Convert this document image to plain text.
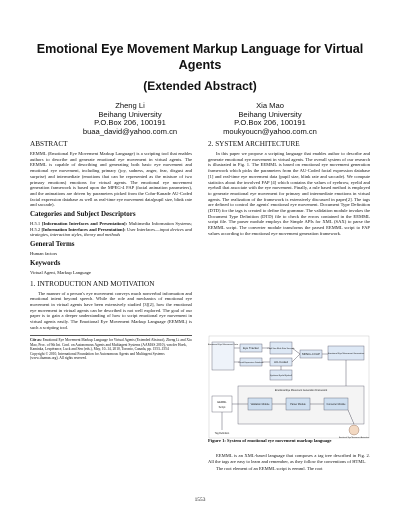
Emotional Eye Movement Markup Language for Virtual Agents
(Extended Abstract)
Zheng Li
Beihang University
P.O.Box 206, 100191
buaa_david@yahoo.com.cn
Xia Mao
Beihang University
P.O.Box 206, 100191
moukyoucn@yahoo.com.cn
ABSTRACT

EEMML (Emotional Eye Movement Markup Language) is a scripting tool that enables authors to describe and generate emotional eye movement in virtual agents. The EEMML is capable of describing and generating both basic eye movement and emotional eye movement, including primary (joy, sadness, anger, fear, disgust and surprise) and intermediate (emotions that can be represented as the mixture of two primary emotions) emotions for virtual agents. The emotional eye movement generation framework is based upon the MPEG-4 FAP (facial animation parameters), and the animations are driven by parameters picked from the Cohn-Kanade AU-Coded facial expression database as well as real-time eye movement data(pupil size, blink rate and saccade).

Categories and Subject Descriptors

H.5.1 [Information Interfaces and Presentation]: Multimedia Information Systems; H.5.2 [Information Interfaces and Presentation]: User Interfaces—input devices and strategies, interaction styles, theory and methods

General Terms

Human factors

Keywords

Virtual Agent, Markup Language

1. INTRODUCTION AND MOTIVATION

The manner of a person's eye movement conveys much nonverbal information and emotional intent beyond speech. While the role and mechanics of emotional eye movement in virtual agents have been extensively studied [3][2], how the emotional eye movement in virtual agents can be described is not well explored. The goal of our paper is to gain a deeper understanding of how to script emotional eye movement in virtual agents easily. The Emotional Eye Movement Markup Language (EEMML) is such a scripting tool.

Cite as: Emotional Eye Movement Markup Language for Virtual Agents (Extended Abstract), Zheng Li and Xia Mao, Proc. of 9th Int. Conf. on Autonomous Agents and Multiagent Systems (AAMAS 2010), van der Hoek, Kaminka, Lespérance, Luck and Sen (eds.), May, 10–14, 2010, Toronto, Canada, pp. 1553–1554
Copyright © 2010, International Foundation for Autonomous Agents and Multiagent Systems (www.ifaamas.org). All rights reserved.
2. SYSTEM ARCHITECTURE

In this paper we propose a scripting language that enables author to describe and generate emotional eye movement in virtual agents. The overall system of our research is illustrated in Fig. 1. The EEMML is based on emotional eye movement generation framework which picks the parameters from the AU-Coded facial expression database [1] and real-time eye movement data (pupil size, blink rate and saccade). We compute statistics about the involved FAP [4] which contains the values of eyebrow, eyelid and eyeball that associate with the eye movement. Finally, a rule based method is employed to generate emotional eye movement for primary and intermediate emotions in virtual agents. The realization of the framework is extensively discussed in paper[2]. The tags are defined to control the agents' emotional eye movement. Document Type Definition (DTD) for the tags is created to define the grammar. The validation module invokes the Document Type Definition (DTD) file to check the errors contained in the EEMML script file. The parser module employs the Simple APIs for XML (SAX) to parse the EEMML script. The converter module transforms the parsed EEMML script to FAP values according to the emotional eye movement generation framework.

Emotional Eye Movement Data
Eye Tracker	Pupil Size Blink Rate Saccade
Facial Expression Database	AU-Coded
Eyebrow Eyelid Eyeball
MPEG-4 FAP	Emotional Eye Movement Generation
Emotional Eye Movement Generation Framework
Validation Module	Parser Module	Converter Module
EEMML
Script
Tag Definition
Emotional Eye Movement Animation
Figure 1: System of emotional eye movement markup language

EEMML is an XML-based language that composes a tag tree described in Fig. 2. All the tags are easy to learn and remember, as they follow the conventions of HTML.

The root element of an EEMML script is eemml. The root

1553
